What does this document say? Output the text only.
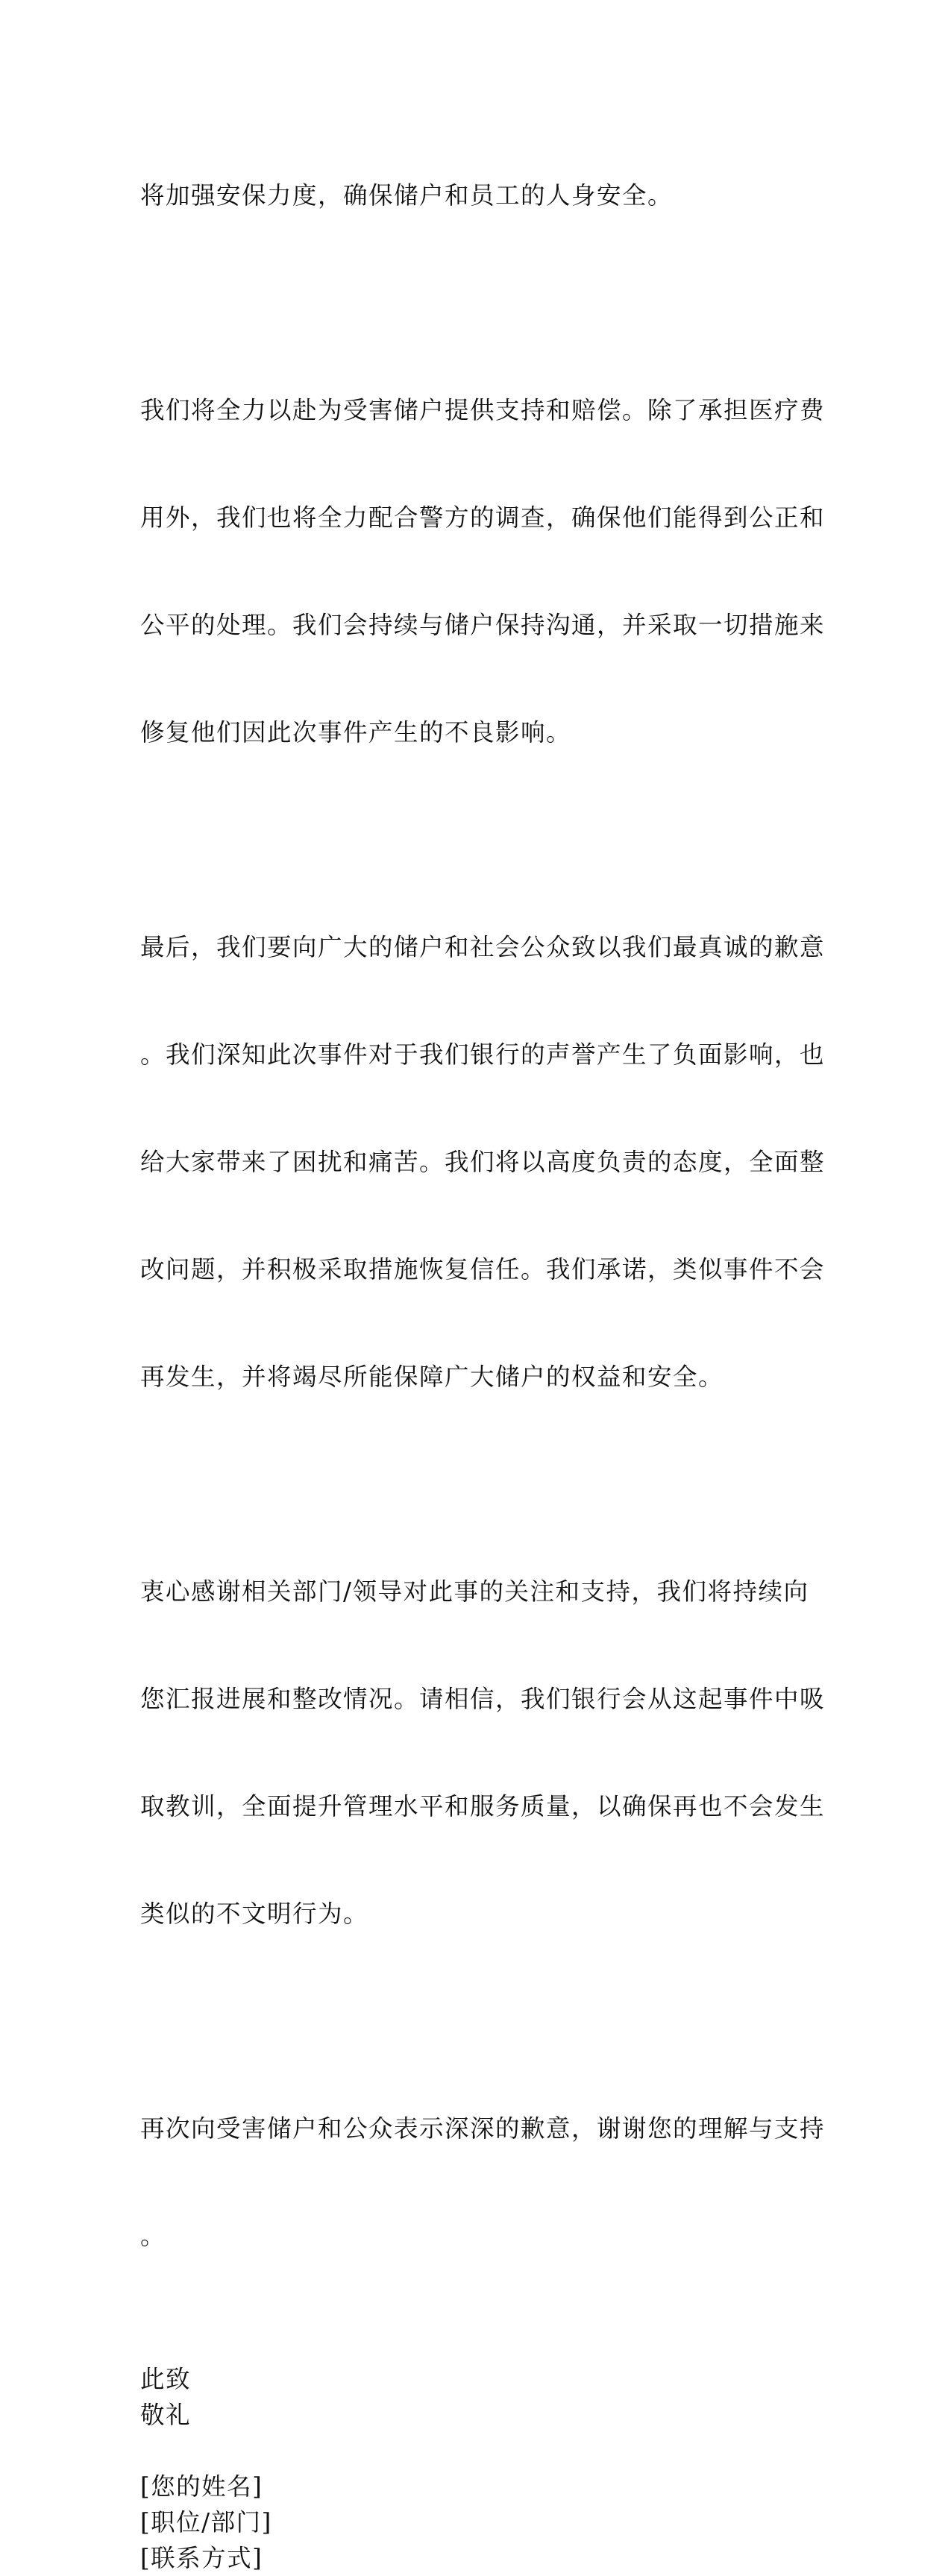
将加强安保力度，确保储户和员工的人身安全。

我们将全力以赴为受害储户提供支持和赔偿。除了承担医疗费

用外，我们也将全力配合警方的调查，确保他们能得到公正和

公平的处理。我们会持续与储户保持沟通，并采取一切措施来

修复他们因此次事件产生的不良影响。

最后，我们要向广大的储户和社会公众致以我们最真诚的歉意

。我们深知此次事件对于我们银行的声誉产生了负面影响，也

给大家带来了困扰和痛苦。我们将以高度负责的态度，全面整

改问题，并积极采取措施恢复信任。我们承诺，类似事件不会

再发生，并将竭尽所能保障广大储户的权益和安全。

衷心感谢相关部门/领导对此事的关注和支持，我们将持续向

您汇报进展和整改情况。请相信，我们银行会从这起事件中吸

取教训，全面提升管理水平和服务质量，以确保再也不会发生

类似的不文明行为。

再次向受害储户和公众表示深深的歉意，谢谢您的理解与支持

。

此致
敬礼
[您的姓名]
[职位/部门]
[联系方式]
